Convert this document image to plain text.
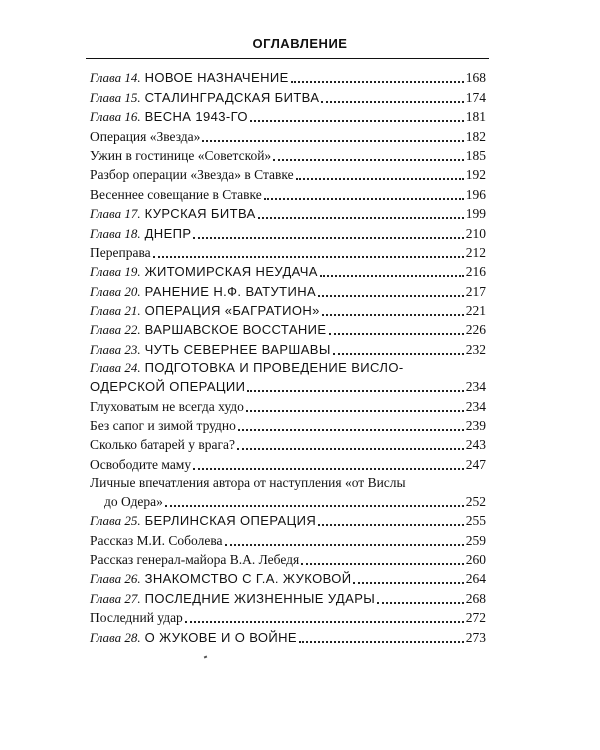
ОГЛАВЛЕНИЕ
Глава 14. НОВОЕ НАЗНАЧЕНИЕ	168
Глава 15. СТАЛИНГРАДСКАЯ БИТВА	174
Глава 16. ВЕСНА 1943-ГО	181
Операция «Звезда»	182
Ужин в гостинице «Советской»	185
Разбор операции «Звезда» в Ставке	192
Весеннее совещание в Ставке	196
Глава 17. КУРСКАЯ БИТВА	199
Глава 18. ДНЕПР	210
Переправа	212
Глава 19. ЖИТОМИРСКАЯ НЕУДАЧА	216
Глава 20. РАНЕНИЕ Н.Ф. ВАТУТИНА	217
Глава 21. ОПЕРАЦИЯ «БАГРАТИОН»	221
Глава 22. ВАРШАВСКОЕ ВОССТАНИЕ	226
Глава 23. ЧУТЬ СЕВЕРНЕЕ ВАРШАВЫ	232
Глава 24. ПОДГОТОВКА И ПРОВЕДЕНИЕ ВИСЛО-
ОДЕРСКОЙ ОПЕРАЦИИ	234
Глуховатым не всегда худо	234
Без сапог и зимой трудно	239
Сколько батарей у врага?	243
Освободите маму	247
Личные впечатления автора от наступления «от Вислы
до Одера»	252
Глава 25. БЕРЛИНСКАЯ ОПЕРАЦИЯ	255
Рассказ М.И. Соболева	259
Рассказ генерал-майора В.А. Лебедя	260
Глава 26. ЗНАКОМСТВО С Г.А. ЖУКОВОЙ	264
Глава 27. ПОСЛЕДНИЕ ЖИЗНЕННЫЕ УДАРЫ	268
Последний удар	272
Глава 28. О ЖУКОВЕ И О ВОЙНЕ	273
